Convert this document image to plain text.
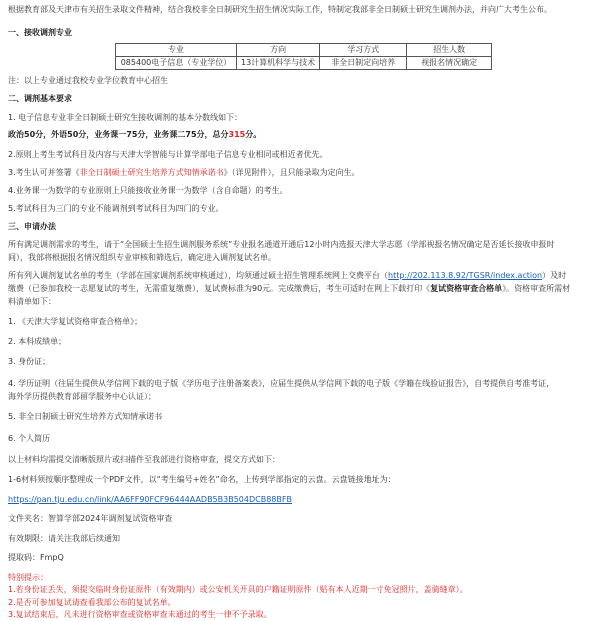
根据教育部及天津市有关招生录取文件精神，结合我校非全日制研究生招生情况实际工作，特制定我部非全日制硕士研究生调剂办法，并向广大考生公布。

一、接收调剂专业

专业	方向	学习方式	招生人数
085400电子信息（专业学位）	13计算机科学与技术	非全日制定向培养	视报名情况确定

注：以上专业通过我校专业学位教育中心招生

二、调剂基本要求

1. 电子信息专业非全日制硕士研究生接收调剂的基本分数线如下：

政治50分，外语50分，业务课一75分，业务课二75分，总分315分。

2.原则上考生考试科目及内容与天津大学智能与计算学部电子信息专业相同或相近者优先。

3.考生认可并签署《非全日制硕士研究生培养方式知情承诺书》（详见附件），且只能录取为定向生。

4.业务课一为数学的专业原则上只能接收业务课一为数学（含自命题）的考生。

5.考试科目为三门的专业不能调剂到考试科目为四门的专业。

三、申请办法

所有满足调剂需求的考生，请于“全国硕士生招生调剂服务系统”专业报名通道开通后12小时内选报天津大学志愿（学部视报名情况确定是否延长接收申报时

间），我部将根据报名情况组织专业审核和筛选后，确定进入调剂复试名单。

所有列入调剂复试名单的考生（学部在国家调剂系统审核通过），均须通过硕士招生管理系统网上交费平台（http://202.113.8.92/TGSR/index.action）及时

缴费（已参加我校一志愿复试的考生，无需重复缴费），复试费标准为90元。完成缴费后，考生可适时在网上下载打印《复试资格审查合格单》。资格审查所需材

料清单如下：

1. 《天津大学复试资格审查合格单》；

2. 本科成绩单；

3. 身份证；

4. 学历证明（往届生提供从学信网下载的电子版《学历电子注册备案表》，应届生提供从学信网下载的电子版《学籍在线验证报告》，自考提供自考准考证，

海外学历提供教育部留学服务中心认证）；

5. 非全日制硕士研究生培养方式知情承诺书

6. 个人简历

以上材料均需提交清晰版照片或扫描件至我部进行资格审查，提交方式如下：

1-6材料须按顺序整理成一个PDF文件，以“考生编号+姓名”命名，上传到学部指定的云盘。云盘链接地址为：

https://pan.tju.edu.cn/link/AA6FF90FCF96444AADB5B3B504DCB88BFB

文件夹名：智算学部2024年调剂复试资格审查

有效期限：请关注我部后续通知

提取码：FmpQ

特别提示：

1.若身份证丢失，须提交临时身份证原件（有效期内）或公安机关开具的户籍证明原件（贴有本人近期一寸免冠照片，盖骑缝章）。

2.是否可参加复试请查看我部公布的复试名单。

3.复试结束后，凡未进行资格审查或资格审查未通过的考生一律不予录取。
